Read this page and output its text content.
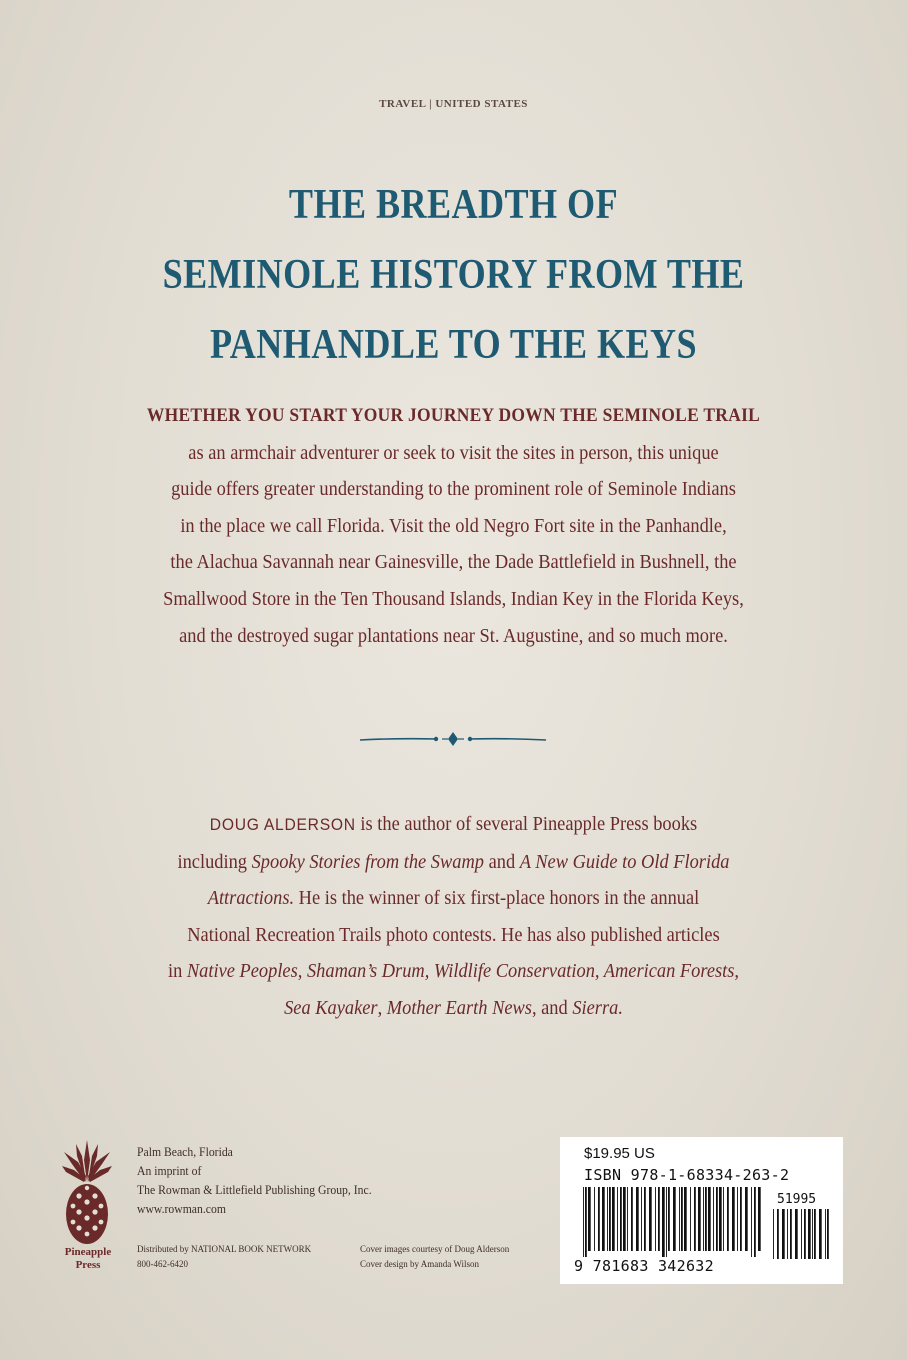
TRAVEL | UNITED STATES
THE BREADTH OF
SEMINOLE HISTORY FROM THE
PANHANDLE TO THE KEYS
WHETHER YOU START YOUR JOURNEY DOWN THE SEMINOLE TRAIL
as an armchair adventurer or seek to visit the sites in person, this unique
guide offers greater understanding to the prominent role of Seminole Indians
in the place we call Florida. Visit the old Negro Fort site in the Panhandle,
the Alachua Savannah near Gainesville, the Dade Battlefield in Bushnell, the
Smallwood Store in the Ten Thousand Islands, Indian Key in the Florida Keys,
and the destroyed sugar plantations near St. Augustine, and so much more.
DOUG ALDERSON is the author of several Pineapple Press books
including Spooky Stories from the Swamp and A New Guide to Old Florida
Attractions. He is the winner of six first-place honors in the annual
National Recreation Trails photo contests. He has also published articles
in Native Peoples, Shaman’s Drum, Wildlife Conservation, American Forests,
Sea Kayaker, Mother Earth News, and Sierra.
Pineapple
Press
Palm Beach, Florida
An imprint of
The Rowman & Littlefield Publishing Group, Inc.
www.rowman.com
Distributed by NATIONAL BOOK NETWORK
800-462-6420
Cover images courtesy of Doug Alderson
Cover design by Amanda Wilson
$19.95 US
ISBN 978-1-68334-263-2
51995
9 781683 342632
